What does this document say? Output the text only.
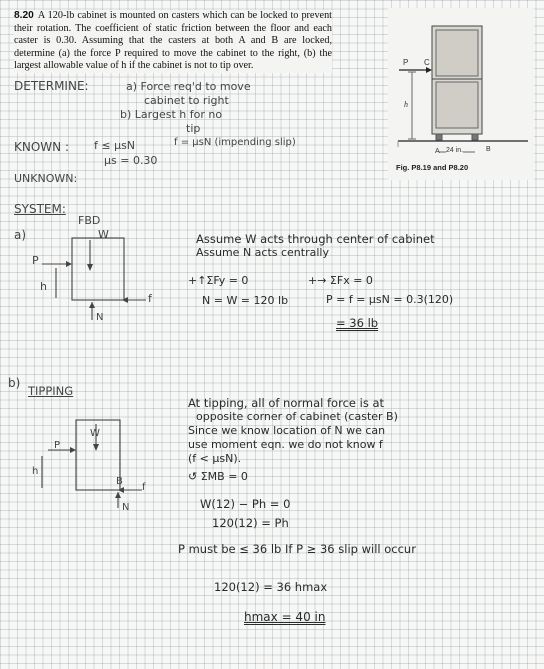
8.20 A 120-lb cabinet is mounted on casters which can be locked to prevent their rotation. The coefficient of static friction between the floor and each caster is 0.30. Assuming that the casters at both A and B are locked, determine (a) the force P required to move the cabinet to the right, (b) the largest allowable value of h if the cabinet is not to tip over.	P C
h
A	B
24 in.
Fig. P8.19 and P8.20
DETERMINE:	a) Force req'd to move
cabinet to right
b) Largest h for no
tip
KNOWN : f ≤ μsN	f = μsN (impending slip)
μs = 0.30
UNKNOWN:
SYSTEM:
a)
FBD
W
P
h
f
N
Assume W acts through center of cabinet
Assume N acts centrally
+↑ΣFy = 0
N = W = 120 lb
+→ ΣFx = 0
P = f = μsN = 0.3(120)
= 36 lb
b)
TIPPING
P
W
h
B
f
N
At tipping, all of normal force is at
opposite corner of cabinet (caster B)
Since we know location of N we can
use moment eqn. we do not know f
(f < μsN).
↺ ΣMB = 0
W(12) − Ph = 0
120(12) = Ph
P must be ≤ 36 lb If P ≥ 36 slip will occur
120(12) = 36 hmax
hmax = 40 in
